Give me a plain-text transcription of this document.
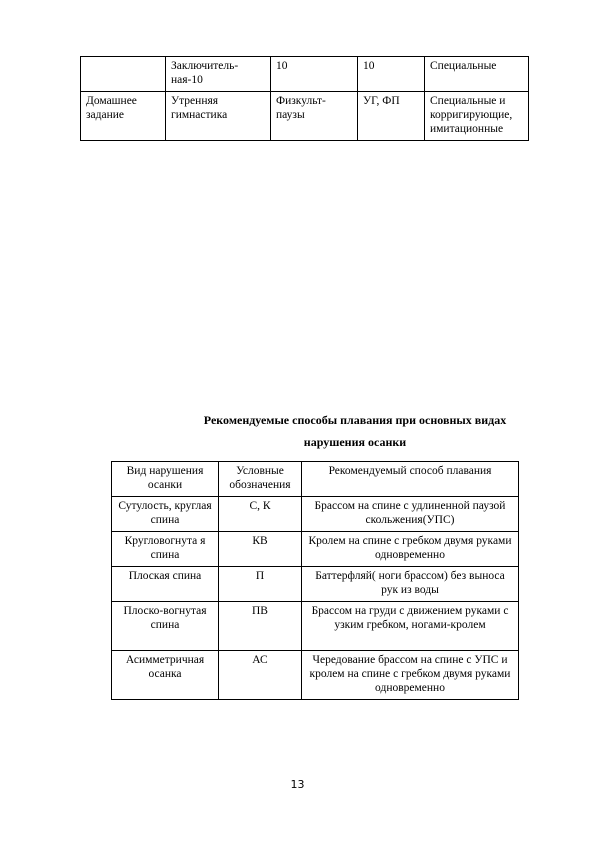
	Заключитель-ная-10	10	10	Специальные
Домашнее задание	Утренняя гимнастика	Физкульт-паузы	УГ, ФП	Специальные и корригирующие, имитационные
Рекомендуемые способы плавания при основных видах
нарушения осанки
Вид нарушения осанки	Условные обозначения	Рекомендуемый способ плавания
Сутулость, круглая спина	С, К	Брассом на спине с удлиненной паузой скольжения(УПС)
Кругловогнута я спина	КВ	Кролем на спине с гребком двумя руками одновременно
Плоская спина	П	Баттерфляй( ноги брассом) без выноса рук из воды
Плоско-вогнутая спина	ПВ	Брассом на груди с движением руками с узким гребком, ногами-кролем
Асимметричная осанка	АС	Чередование брассом на спине с УПС и кролем на спине с гребком двумя руками одновременно
13
